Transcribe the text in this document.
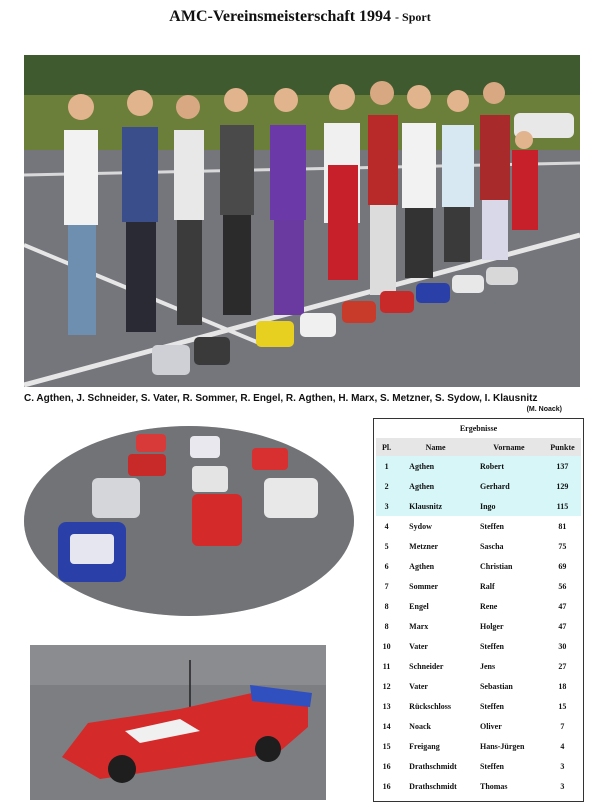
AMC-Vereinsmeisterschaft 1994 - Sport
C. Agthen, J. Schneider, S. Vater, R. Sommer, R. Engel, R. Agthen, H. Marx, S. Metzner, S. Sydow, I. Klausnitz
(M. Noack)
Ergebnisse
Pl.	Name	Vorname	Punkte
1	Agthen	Robert	137
2	Agthen	Gerhard	129
3	Klausnitz	Ingo	115
4	Sydow	Steffen	81
5	Metzner	Sascha	75
6	Agthen	Christian	69
7	Sommer	Ralf	56
8	Engel	Rene	47
8	Marx	Holger	47
10	Vater	Steffen	30
11	Schneider	Jens	27
12	Vater	Sebastian	18
13	Rückschloss	Steffen	15
14	Noack	Oliver	7
15	Freigang	Hans-Jürgen	4
16	Drathschmidt	Steffen	3
16	Drathschmidt	Thomas	3
